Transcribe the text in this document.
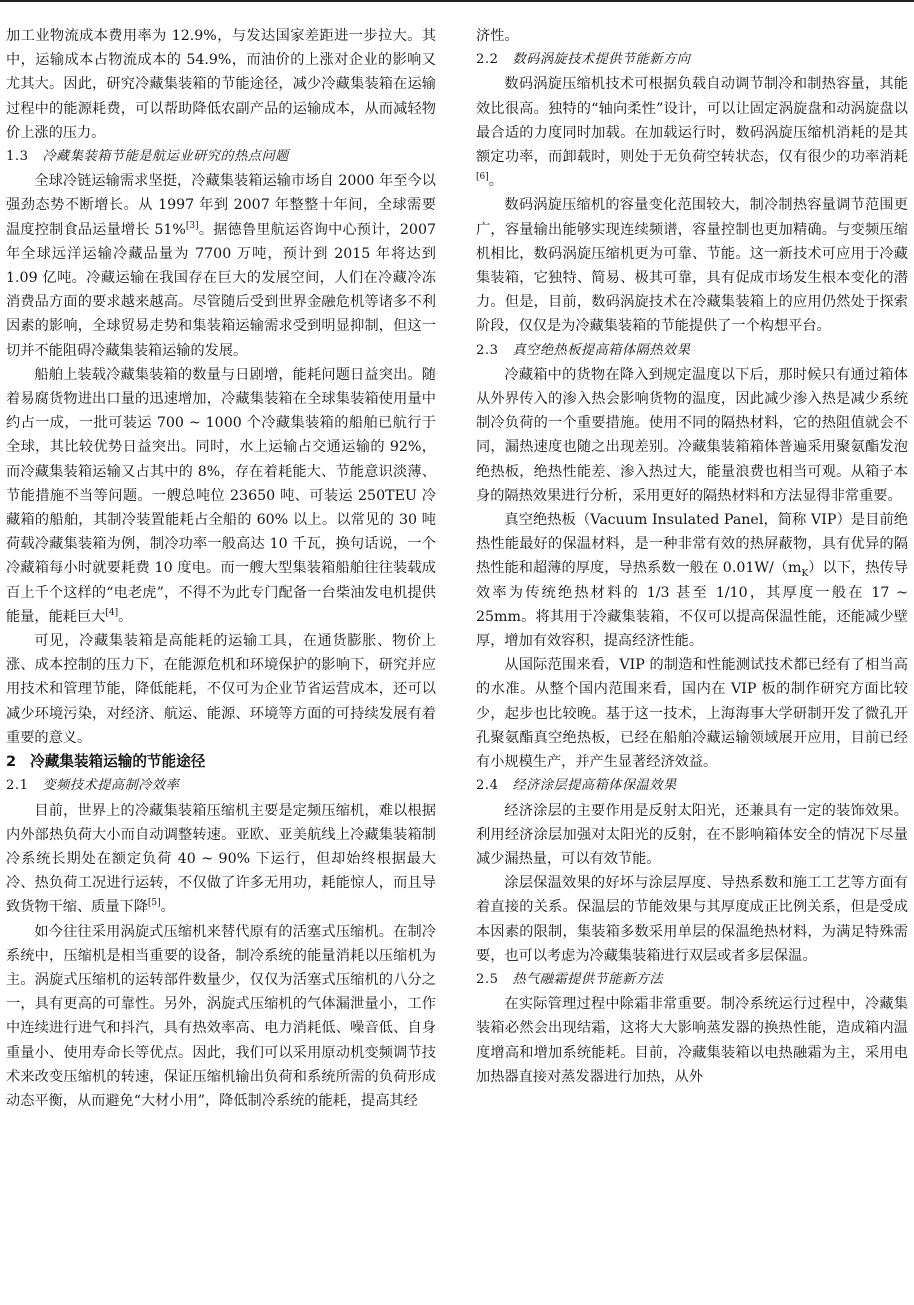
加工业物流成本费用率为 12.9%，与发达国家差距进一步拉大。其中，运输成本占物流成本的 54.9%，而油价的上涨对企业的影响又尤其大。因此，研究冷藏集装箱的节能途径，减少冷藏集装箱在运输过程中的能源耗费，可以帮助降低农副产品的运输成本，从而减轻物价上涨的压力。

1.3 冷藏集装箱节能是航运业研究的热点问题

全球冷链运输需求坚挺，冷藏集装箱运输市场自 2000 年至今以强劲态势不断增长。从 1997 年到 2007 年整整十年间，全球需要温度控制食品运量增长 51%[3]。据德鲁里航运咨询中心预计，2007 年全球远洋运输冷藏品量为 7700 万吨，预计到 2015 年将达到 1.09 亿吨。冷藏运输在我国存在巨大的发展空间，人们在冷藏冷冻消费品方面的要求越来越高。尽管随后受到世界金融危机等诸多不利因素的影响，全球贸易走势和集装箱运输需求受到明显抑制，但这一切并不能阻碍冷藏集装箱运输的发展。

船舶上装载冷藏集装箱的数量与日剧增，能耗问题日益突出。随着易腐货物进出口量的迅速增加，冷藏集装箱在全球集装箱使用量中约占一成，一批可装运 700 ~ 1000 个冷藏集装箱的船舶已航行于全球，其比较优势日益突出。同时，水上运输占交通运输的 92%，而冷藏集装箱运输又占其中的 8%，存在着耗能大、节能意识淡薄、节能措施不当等问题。一艘总吨位 23650 吨、可装运 250TEU 冷藏箱的船舶，其制冷装置能耗占全船的 60% 以上。以常见的 30 吨荷载冷藏集装箱为例，制冷功率一般高达 10 千瓦，换句话说，一个冷藏箱每小时就要耗费 10 度电。而一艘大型集装箱船舶往往装载成百上千个这样的“电老虎”，不得不为此专门配备一台柴油发电机提供能量，能耗巨大[4]。

可见，冷藏集装箱是高能耗的运输工具，在通货膨胀、物价上涨、成本控制的压力下，在能源危机和环境保护的影响下，研究并应用技术和管理节能，降低能耗，不仅可为企业节省运营成本，还可以减少环境污染，对经济、航运、能源、环境等方面的可持续发展有着重要的意义。

2 冷藏集装箱运输的节能途径
2.1 变频技术提高制冷效率

目前，世界上的冷藏集装箱压缩机主要是定频压缩机，难以根据内外部热负荷大小而自动调整转速。亚欧、亚美航线上冷藏集装箱制冷系统长期处在额定负荷 40 ~ 90% 下运行，但却始终根据最大冷、热负荷工况进行运转，不仅做了许多无用功，耗能惊人，而且导致货物干缩、质量下降[5]。

如今往往采用涡旋式压缩机来替代原有的活塞式压缩机。在制冷系统中，压缩机是相当重要的设备，制冷系统的能量消耗以压缩机为主。涡旋式压缩机的运转部件数量少，仅仅为活塞式压缩机的八分之一，具有更高的可靠性。另外，涡旋式压缩机的气体漏泄量小，工作中连续进行进气和抖汽，具有热效率高、电力消耗低、噪音低、自身重量小、使用寿命长等优点。因此，我们可以采用原动机变频调节技术来改变压缩机的转速，保证压缩机输出负荷和系统所需的负荷形成动态平衡，从而避免“大材小用”，降低制冷系统的能耗，提高其经

济性。

2.2 数码涡旋技术提供节能新方向

数码涡旋压缩机技术可根据负载自动调节制冷和制热容量，其能效比很高。独特的“轴向柔性”设计，可以让固定涡旋盘和动涡旋盘以最合适的力度同时加载。在加载运行时，数码涡旋压缩机消耗的是其额定功率，而卸载时，则处于无负荷空转状态，仅有很少的功率消耗[6]。

数码涡旋压缩机的容量变化范围较大，制冷制热容量调节范围更广，容量输出能够实现连续频谱，容量控制也更加精确。与变频压缩机相比，数码涡旋压缩机更为可靠、节能。这一新技术可应用于冷藏集装箱，它独特、简易、极其可靠，具有促成市场发生根本变化的潜力。但是，目前，数码涡旋技术在冷藏集装箱上的应用仍然处于探索阶段，仅仅是为冷藏集装箱的节能提供了一个构想平台。

2.3 真空绝热板提高箱体隔热效果

冷藏箱中的货物在降入到规定温度以下后，那时候只有通过箱体从外界传入的渗入热会影响货物的温度，因此减少渗入热是减少系统制冷负荷的一个重要措施。使用不同的隔热材料，它的热阻值就会不同，漏热速度也随之出现差别。冷藏集装箱箱体普遍采用聚氨酯发泡绝热板，绝热性能差、渗入热过大，能量浪费也相当可观。从箱子本身的隔热效果进行分析，采用更好的隔热材料和方法显得非常重要。

真空绝热板（Vacuum Insulated Panel，简称 VIP）是目前绝热性能最好的保温材料，是一种非常有效的热屏蔽物，具有优异的隔热性能和超薄的厚度，导热系数一般在 $0.01W/(m_K)$以下，热传导效率为传统绝热材料的 1/3 甚至 1/10，其厚度一般在 17 ~ 25mm。将其用于冷藏集装箱，不仅可以提高保温性能，还能减少壁厚，增加有效容积，提高经济性能。

从国际范围来看，VIP 的制造和性能测试技术都已经有了相当高的水准。从整个国内范围来看，国内在 VIP 板的制作研究方面比较少，起步也比较晚。基于这一技术，上海海事大学研制开发了微孔开孔聚氨酯真空绝热板，已经在船舶冷藏运输领域展开应用，目前已经有小规模生产，并产生显著经济效益。

2.4 经济涂层提高箱体保温效果

经济涂层的主要作用是反射太阳光，还兼具有一定的装饰效果。利用经济涂层加强对太阳光的反射，在不影响箱体安全的情况下尽量减少漏热量，可以有效节能。

涂层保温效果的好坏与涂层厚度、导热系数和施工工艺等方面有着直接的关系。保温层的节能效果与其厚度成正比例关系，但是受成本因素的限制，集装箱多数采用单层的保温绝热材料，为满足特殊需要，也可以考虑为冷藏集装箱进行双层或者多层保温。

2.5 热气融霜提供节能新方法

在实际管理过程中除霜非常重要。制冷系统运行过程中，冷藏集装箱必然会出现结霜，这将大大影响蒸发器的换热性能，造成箱内温度增高和增加系统能耗。目前，冷藏集装箱以电热融霜为主，采用电加热器直接对蒸发器进行加热，从外
